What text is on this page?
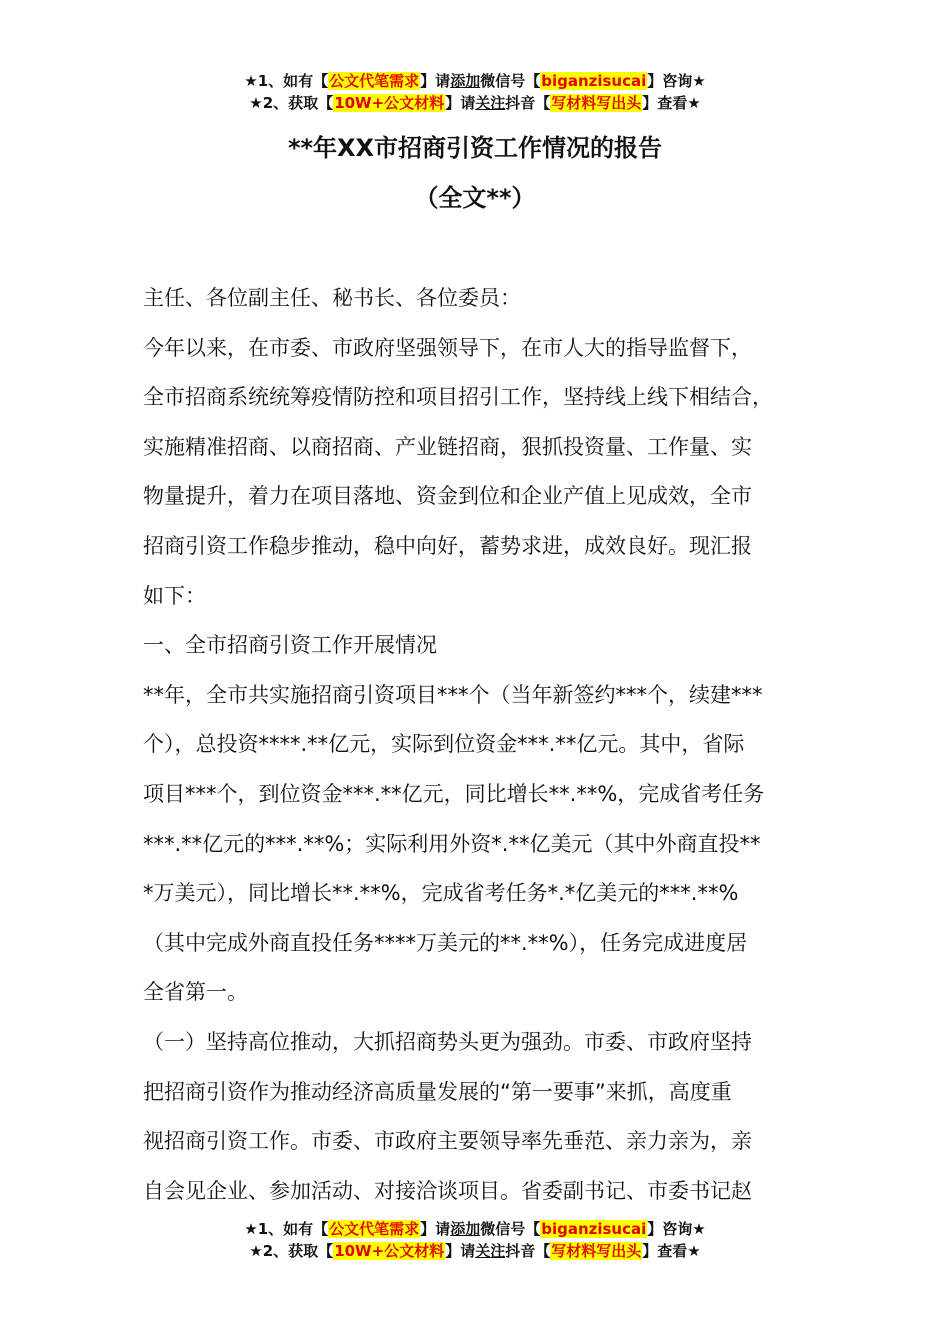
★1、如有【公文代笔需求】请添加微信号【biganzisucai】咨询★
★2、获取【10W+公文材料】请关注抖音【写材料写出头】查看★
**年XX市招商引资工作情况的报告
（全文**）

主任、各位副主任、秘书长、各位委员：

今年以来，在市委、市政府坚强领导下，在市人大的指导监督下，

全市招商系统统筹疫情防控和项目招引工作，坚持线上线下相结合，

实施精准招商、以商招商、产业链招商，狠抓投资量、工作量、实

物量提升，着力在项目落地、资金到位和企业产值上见成效，全市

招商引资工作稳步推动，稳中向好，蓄势求进，成效良好。现汇报

如下：

一、全市招商引资工作开展情况

**年，全市共实施招商引资项目***个（当年新签约***个，续建***

个），总投资****.**亿元，实际到位资金***.**亿元。其中，省际

项目***个，到位资金***.**亿元，同比增长**.**%，完成省考任务

***.**亿元的***.**%；实际利用外资*.**亿美元（其中外商直投**

*万美元），同比增长**.**%，完成省考任务*.*亿美元的***.**%

（其中完成外商直投任务****万美元的**.**%），任务完成进度居

全省第一。

（一）坚持高位推动，大抓招商势头更为强劲。市委、市政府坚持

把招商引资作为推动经济高质量发展的“第一要事”来抓，高度重

视招商引资工作。市委、市政府主要领导率先垂范、亲力亲为，亲

自会见企业、参加活动、对接洽谈项目。省委副书记、市委书记赵

★1、如有【公文代笔需求】请添加微信号【biganzisucai】咨询★
★2、获取【10W+公文材料】请关注抖音【写材料写出头】查看★
